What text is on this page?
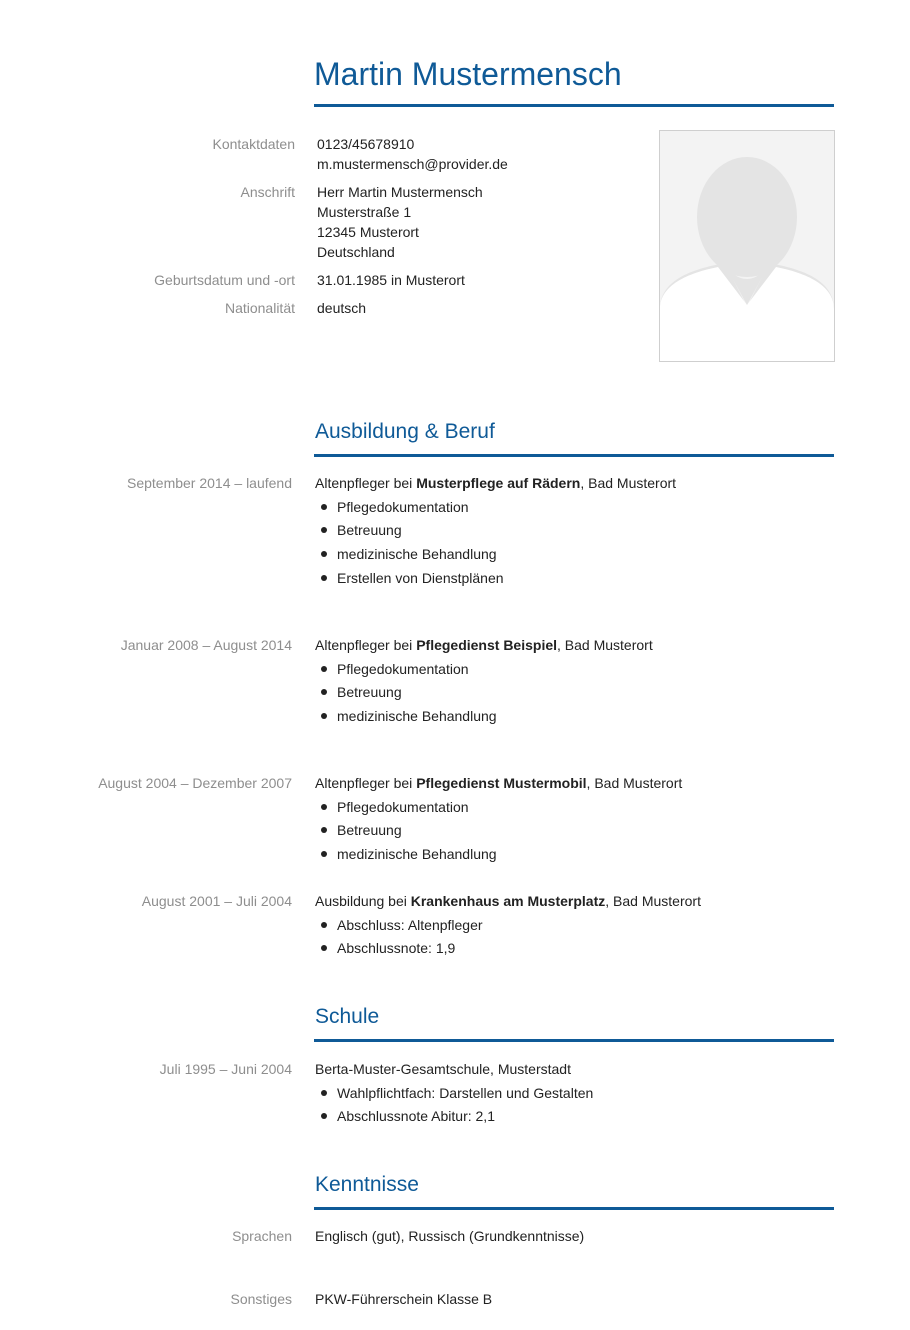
Martin Mustermensch
Kontaktdaten 0123/45678910
m.mustermensch@provider.de
Anschrift Herr Martin Mustermensch
Musterstraße 1
12345 Musterort
Deutschland
Geburtsdatum und -ort 31.01.1985 in Musterort
Nationalität deutsch
Ausbildung & Beruf
September 2014 – laufend Altenpfleger bei Musterpflege auf Rädern, Bad Musterort
Pflegedokumentation
Betreuung
medizinische Behandlung
Erstellen von Dienstplänen
Januar 2008 – August 2014 Altenpfleger bei Pflegedienst Beispiel, Bad Musterort
Pflegedokumentation
Betreuung
medizinische Behandlung
August 2004 – Dezember 2007 Altenpfleger bei Pflegedienst Mustermobil, Bad Musterort
Pflegedokumentation
Betreuung
medizinische Behandlung
August 2001 – Juli 2004 Ausbildung bei Krankenhaus am Musterplatz, Bad Musterort
Abschluss: Altenpfleger
Abschlussnote: 1,9
Schule
Juli 1995 – Juni 2004 Berta-Muster-Gesamtschule, Musterstadt
Wahlpflichtfach: Darstellen und Gestalten
Abschlussnote Abitur: 2,1
Kenntnisse
Sprachen Englisch (gut), Russisch (Grundkenntnisse)
Sonstiges PKW-Führerschein Klasse B
